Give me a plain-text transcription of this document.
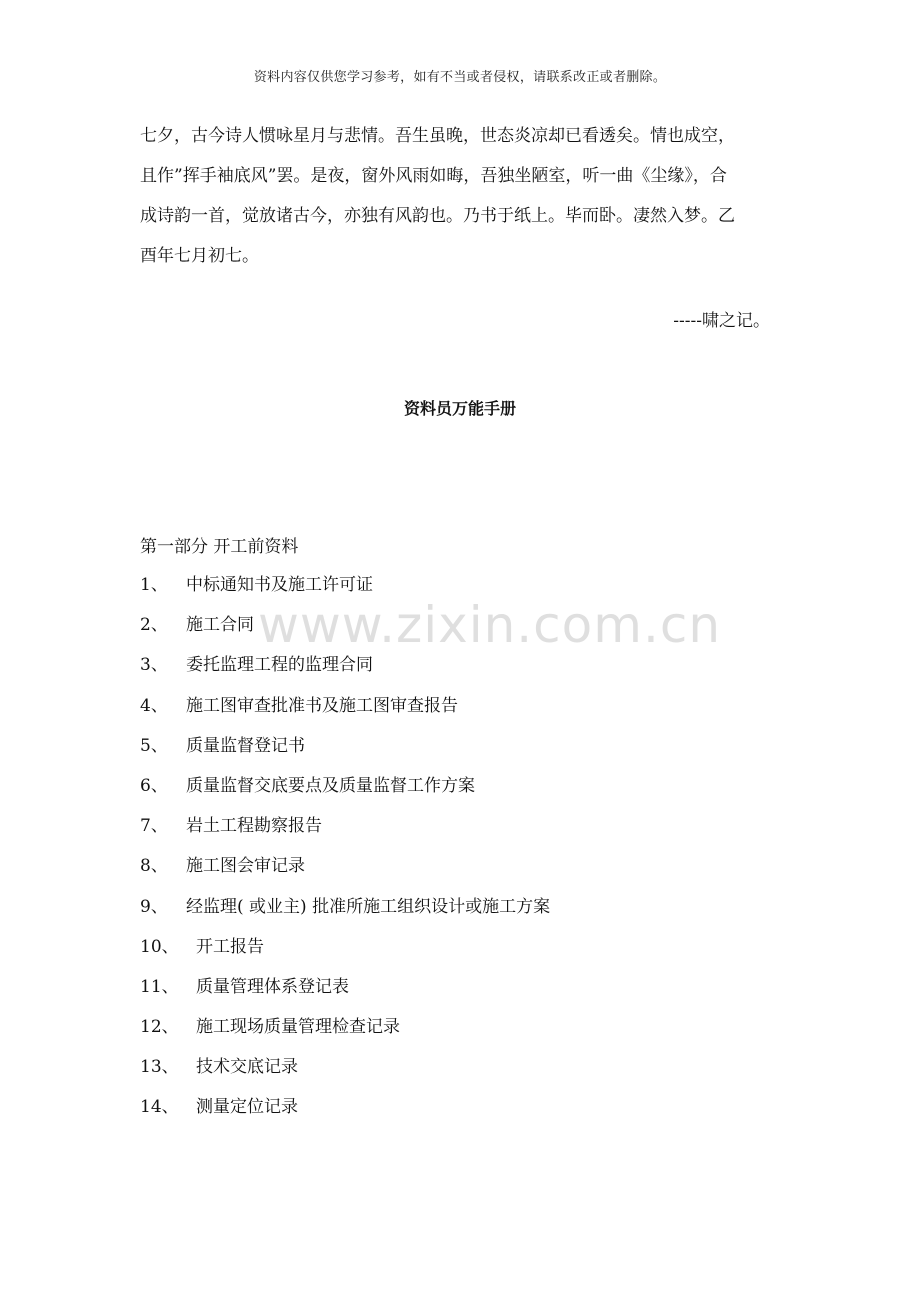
资料内容仅供您学习参考，如有不当或者侵权，请联系改正或者删除。

七夕，古今诗人惯咏星月与悲情。吾生虽晚，世态炎凉却已看透矣。情也成空，

且作”挥手袖底风”罢。是夜，窗外风雨如晦，吾独坐陋室，听一曲《尘缘》，合

成诗韵一首，觉放诸古今，亦独有风韵也。乃书于纸上。毕而卧。凄然入梦。乙

酉年七月初七。

-----啸之记。
资料员万能手册
第一部分 开工前资料
www.zixin.com.cn
1、	中标通知书及施工许可证
2、	施工合同
3、	委托监理工程的监理合同
4、	施工图审查批准书及施工图审查报告
5、	质量监督登记书
6、	质量监督交底要点及质量监督工作方案
7、	岩土工程勘察报告
8、	施工图会审记录
9、	经监理( 或业主) 批准所施工组织设计或施工方案
10、	开工报告
11、	质量管理体系登记表
12、	施工现场质量管理检查记录
13、	技术交底记录
14、	测量定位记录
